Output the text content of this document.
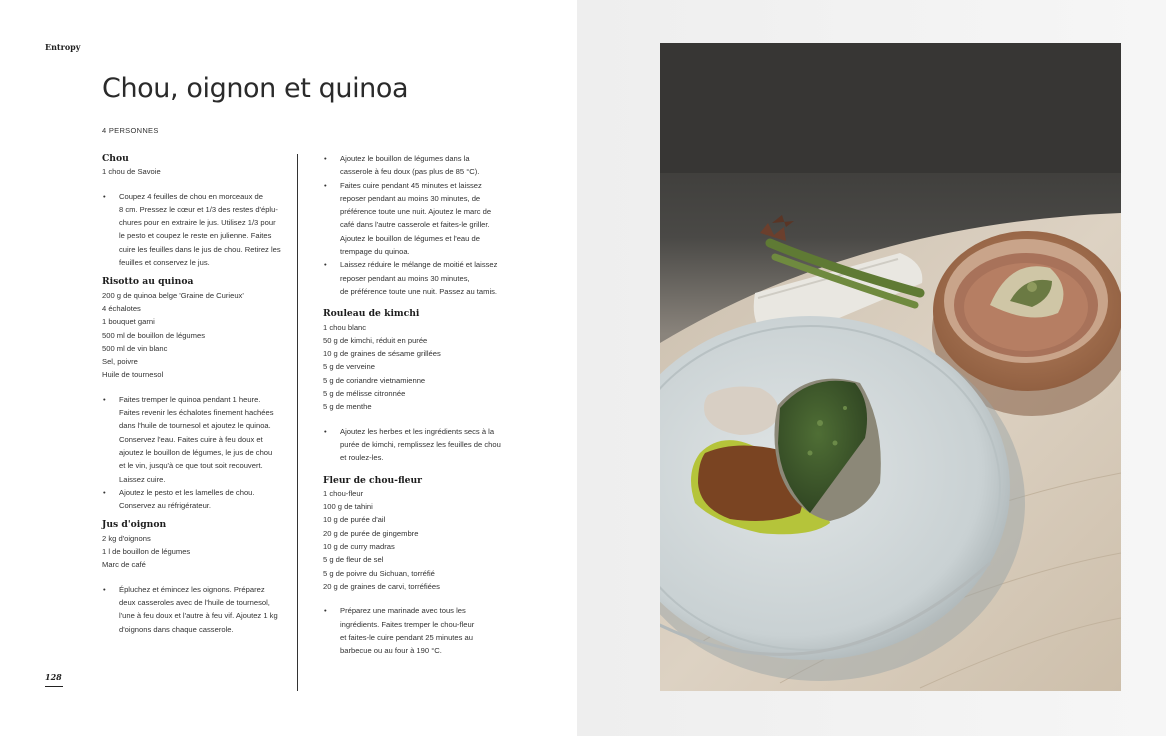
Entropy
Chou, oignon et quinoa
4 PERSONNES
Chou
1 chou de Savoie
• Coupez 4 feuilles de chou en morceaux de
8 cm. Pressez le cœur et 1/3 des restes d'éplu-
chures pour en extraire le jus. Utilisez 1/3 pour
le pesto et coupez le reste en julienne. Faites
cuire les feuilles dans le jus de chou. Retirez les
feuilles et conservez le jus.
Risotto au quinoa
200 g de quinoa belge 'Graine de Curieux'
4 échalotes
1 bouquet garni
500 ml de bouillon de légumes
500 ml de vin blanc
Sel, poivre
Huile de tournesol
• Faites tremper le quinoa pendant 1 heure.
Faites revenir les échalotes finement hachées
dans l'huile de tournesol et ajoutez le quinoa.
Conservez l'eau. Faites cuire à feu doux et
ajoutez le bouillon de légumes, le jus de chou
et le vin, jusqu'à ce que tout soit recouvert.
Laissez cuire.
• Ajoutez le pesto et les lamelles de chou.
Conservez au réfrigérateur.
Jus d'oignon
2 kg d'oignons
1 l de bouillon de légumes
Marc de café
• Épluchez et émincez les oignons. Préparez
deux casseroles avec de l'huile de tournesol,
l'une à feu doux et l'autre à feu vif. Ajoutez 1 kg
d'oignons dans chaque casserole.
• Ajoutez le bouillon de légumes dans la
casserole à feu doux (pas plus de 85 °C).
• Faites cuire pendant 45 minutes et laissez
reposer pendant au moins 30 minutes, de
préférence toute une nuit. Ajoutez le marc de
café dans l'autre casserole et faites-le griller.
Ajoutez le bouillon de légumes et l'eau de
trempage du quinoa.
• Laissez réduire le mélange de moitié et laissez
reposer pendant au moins 30 minutes,
de préférence toute une nuit. Passez au tamis.
Rouleau de kimchi
1 chou blanc
50 g de kimchi, réduit en purée
10 g de graines de sésame grillées
5 g de verveine
5 g de coriandre vietnamienne
5 g de mélisse citronnée
5 g de menthe
• Ajoutez les herbes et les ingrédients secs à la
purée de kimchi, remplissez les feuilles de chou
et roulez-les.
Fleur de chou-fleur
1 chou-fleur
100 g de tahini
10 g de purée d'ail
20 g de purée de gingembre
10 g de curry madras
5 g de fleur de sel
5 g de poivre du Sichuan, torréfié
20 g de graines de carvi, torréfiées
• Préparez une marinade avec tous les
ingrédients. Faites tremper le chou-fleur
et faites-le cuire pendant 25 minutes au
barbecue ou au four à 190 °C.
128
